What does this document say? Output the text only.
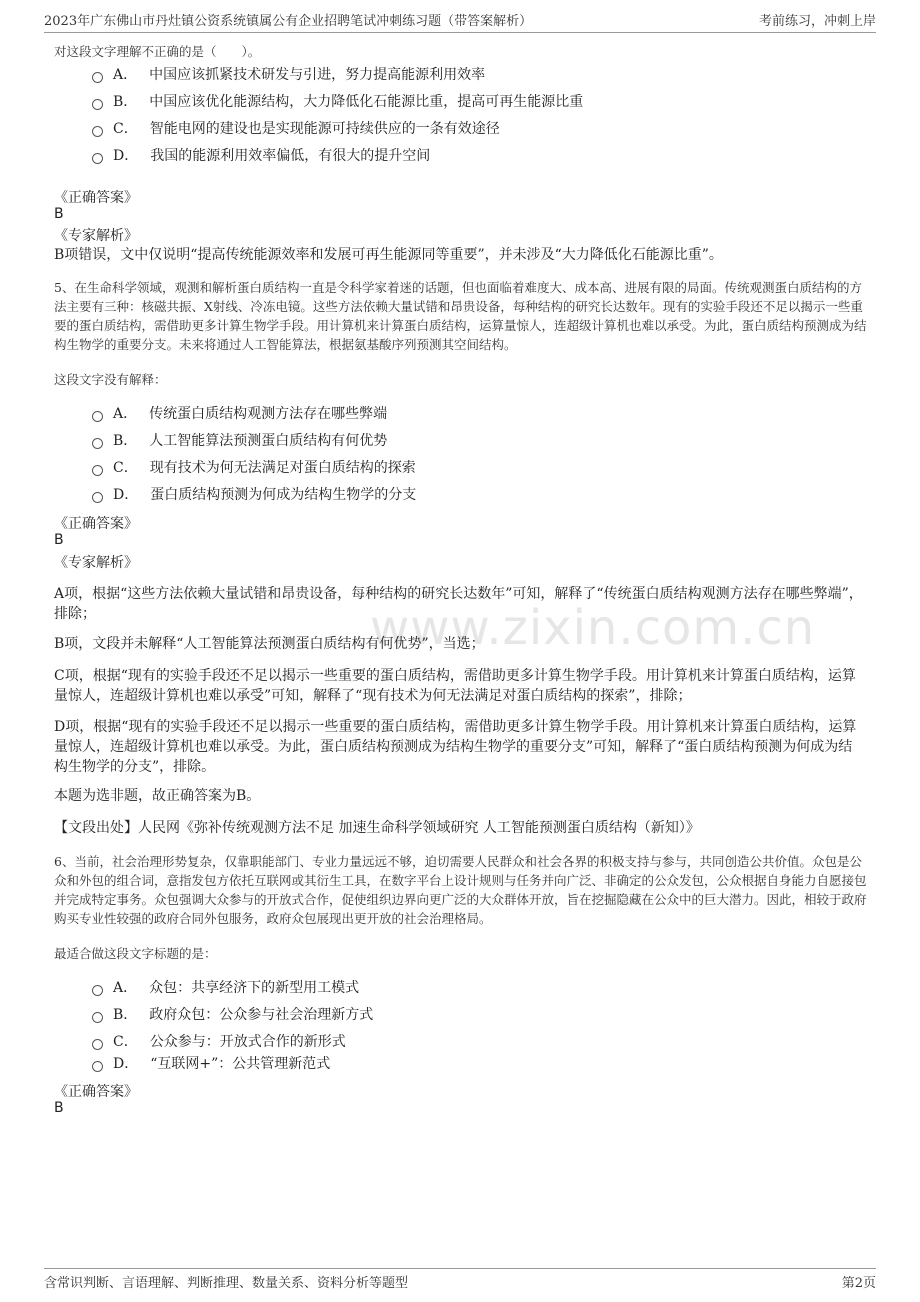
2023年广东佛山市丹灶镇公资系统镇属公有企业招聘笔试冲刺练习题（带答案解析）	考前练习，冲刺上岸
www.zixin.com.cn
对这段文字理解不正确的是（　　）。
A． 中国应该抓紧技术研发与引进，努力提高能源利用效率
B． 中国应该优化能源结构，大力降低化石能源比重，提高可再生能源比重
C． 智能电网的建设也是实现能源可持续供应的一条有效途径
D． 我国的能源利用效率偏低，有很大的提升空间
《正确答案》
B
《专家解析》
B项错误，文中仅说明“提高传统能源效率和发展可再生能源同等重要”，并未涉及“大力降低化石能源比重”。
5、在生命科学领域，观测和解析蛋白质结构一直是令科学家着迷的话题，但也面临着难度大、成本高、进展有限的局面。传统观测蛋白质结构的方法主要有三种：核磁共振、X射线、冷冻电镜。这些方法依赖大量试错和昂贵设备，每种结构的研究长达数年。现有的实验手段还不足以揭示一些重要的蛋白质结构，需借助更多计算生物学手段。用计算机来计算蛋白质结构，运算量惊人，连超级计算机也难以承受。为此，蛋白质结构预测成为结构生物学的重要分支。未来将通过人工智能算法，根据氨基酸序列预测其空间结构。
这段文字没有解释：
A． 传统蛋白质结构观测方法存在哪些弊端
B． 人工智能算法预测蛋白质结构有何优势
C． 现有技术为何无法满足对蛋白质结构的探索
D． 蛋白质结构预测为何成为结构生物学的分支
《正确答案》
B
《专家解析》
A项，根据“这些方法依赖大量试错和昂贵设备，每种结构的研究长达数年”可知，解释了“传统蛋白质结构观测方法存在哪些弊端”，排除；
B项，文段并未解释“人工智能算法预测蛋白质结构有何优势”，当选；
C项，根据“现有的实验手段还不足以揭示一些重要的蛋白质结构，需借助更多计算生物学手段。用计算机来计算蛋白质结构，运算量惊人，连超级计算机也难以承受”可知，解释了“现有技术为何无法满足对蛋白质结构的探索”，排除；
D项，根据“现有的实验手段还不足以揭示一些重要的蛋白质结构，需借助更多计算生物学手段。用计算机来计算蛋白质结构，运算量惊人，连超级计算机也难以承受。为此，蛋白质结构预测成为结构生物学的重要分支”可知，解释了“蛋白质结构预测为何成为结构生物学的分支”，排除。
本题为选非题，故正确答案为B。
【文段出处】人民网《弥补传统观测方法不足 加速生命科学领域研究 人工智能预测蛋白质结构（新知）》
6、当前，社会治理形势复杂，仅靠职能部门、专业力量远远不够，迫切需要人民群众和社会各界的积极支持与参与，共同创造公共价值。众包是公众和外包的组合词，意指发包方依托互联网或其衍生工具，在数字平台上设计规则与任务并向广泛、非确定的公众发包，公众根据自身能力自愿接包并完成特定事务。众包强调大众参与的开放式合作，促使组织边界向更广泛的大众群体开放，旨在挖掘隐藏在公众中的巨大潜力。因此，相较于政府购买专业性较强的政府合同外包服务，政府众包展现出更开放的社会治理格局。
最适合做这段文字标题的是：
A． 众包：共享经济下的新型用工模式
B． 政府众包：公众参与社会治理新方式
C． 公众参与：开放式合作的新形式
D． “互联网+”：公共管理新范式
《正确答案》
B
含常识判断、言语理解、判断推理、数量关系、资料分析等题型	第2页
